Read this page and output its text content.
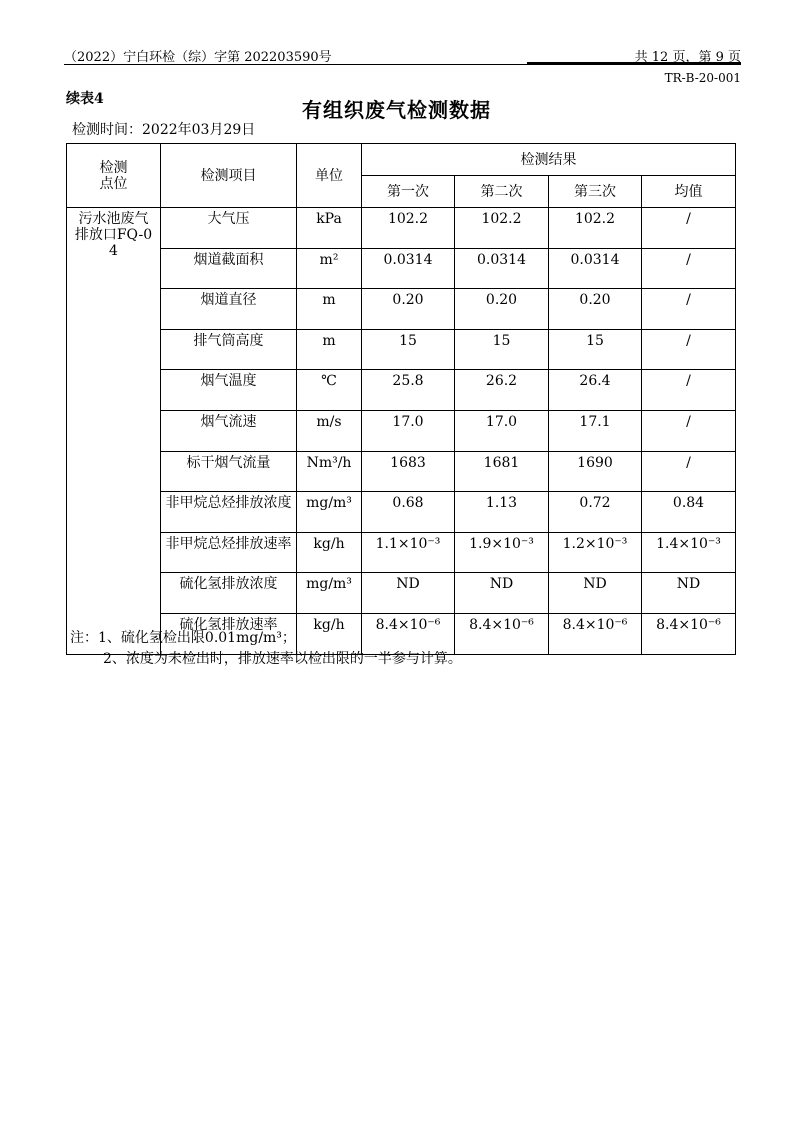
（2022）宁白环检（综）字第 202203590号	共 12 页，第 9 页
TR-B-20-001
续表4	有组织废气检测数据
检测时间：2022年03月29日
检测点位	检测项目	单位	检测结果			
			第一次	第二次	第三次	均值

污水池废气排放口FQ-04	大气压	kPa	102.2	102.2	102.2	/
	烟道截面积	m²	0.0314	0.0314	0.0314	/
	烟道直径	m	0.20	0.20	0.20	/
	排气筒高度	m	15	15	15	/
	烟气温度	℃	25.8	26.2	26.4	/
	烟气流速	m/s	17.0	17.0	17.1	/
	标干烟气流量	Nm³/h	1683	1681	1690	/
	非甲烷总烃排放浓度	mg/m³	0.68	1.13	0.72	0.84
	非甲烷总烃排放速率	kg/h	1.1×10⁻³	1.9×10⁻³	1.2×10⁻³	1.4×10⁻³
	硫化氢排放浓度	mg/m³	ND	ND	ND	ND
	硫化氢排放速率	kg/h	8.4×10⁻⁶	8.4×10⁻⁶	8.4×10⁻⁶	8.4×10⁻⁶
注：1、硫化氢检出限0.01mg/m³；
2、浓度为未检出时，排放速率以检出限的一半参与计算。
